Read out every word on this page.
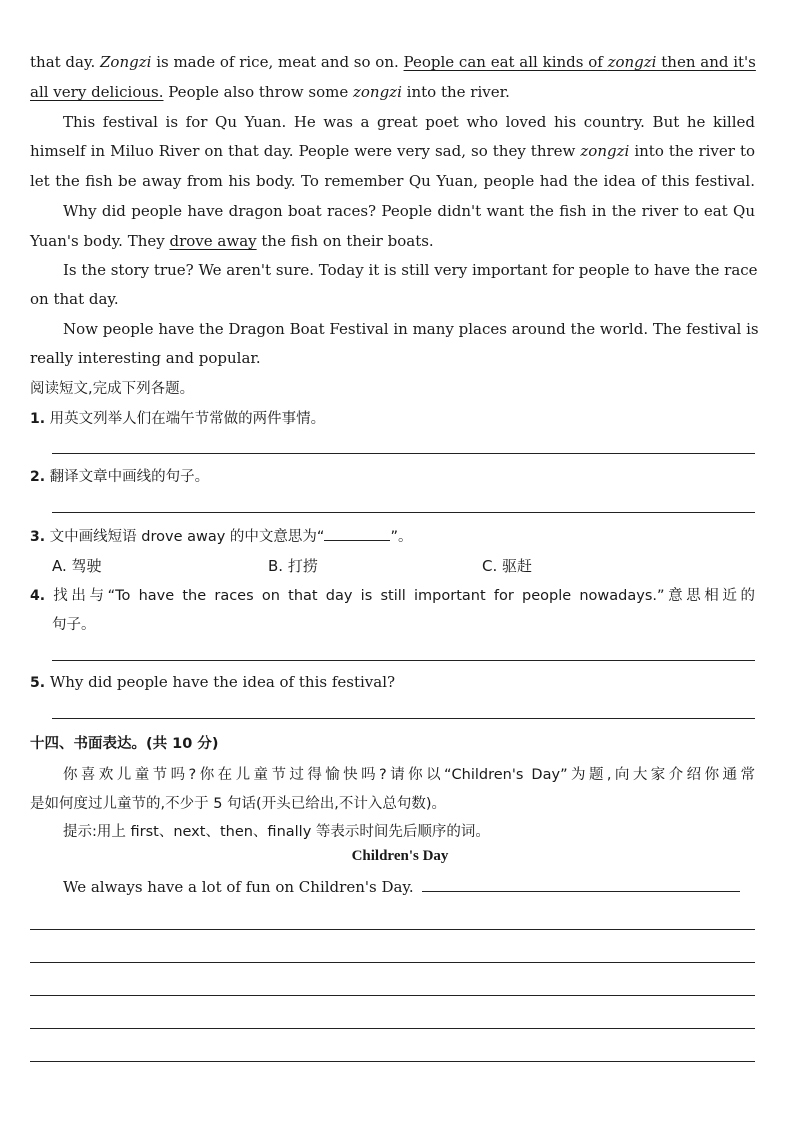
that day. Zongzi is made of rice, meat and so on. People can eat all kinds of zongzi then and it's
all very delicious. People also throw some zongzi into the river.
This festival is for Qu Yuan. He was a great poet who loved his country. But he killed
himself in Miluo River on that day. People were very sad, so they threw zongzi into the river to
let the fish be away from his body. To remember Qu Yuan, people had the idea of this festival.
Why did people have dragon boat races? People didn't want the fish in the river to eat Qu
Yuan's body. They drove away the fish on their boats.
Is the story true? We aren't sure. Today it is still very important for people to have the race
on that day.
Now people have the Dragon Boat Festival in many places around the world. The festival is
really interesting and popular.
阅读短文,完成下列各题。
1. 用英文列举人们在端午节常做的两件事情。
2. 翻译文章中画线的句子。
3. 文中画线短语 drove away 的中文意思为“	”。
A. 驾驶	B. 打捞	C. 驱赶
4. 找出与“To have the races on that day is still important for people nowadays.”意思相近的
句子。
5. Why did people have the idea of this festival?
十四、书面表达。(共 10 分)
你喜欢儿童节吗?你在儿童节过得愉快吗?请你以“Children's Day”为题,向大家介绍你通常
是如何度过儿童节的,不少于 5 句话(开头已给出,不计入总句数)。
提示:用上 first、next、then、finally 等表示时间先后顺序的词。
Children's Day
We always have a lot of fun on Children's Day.
